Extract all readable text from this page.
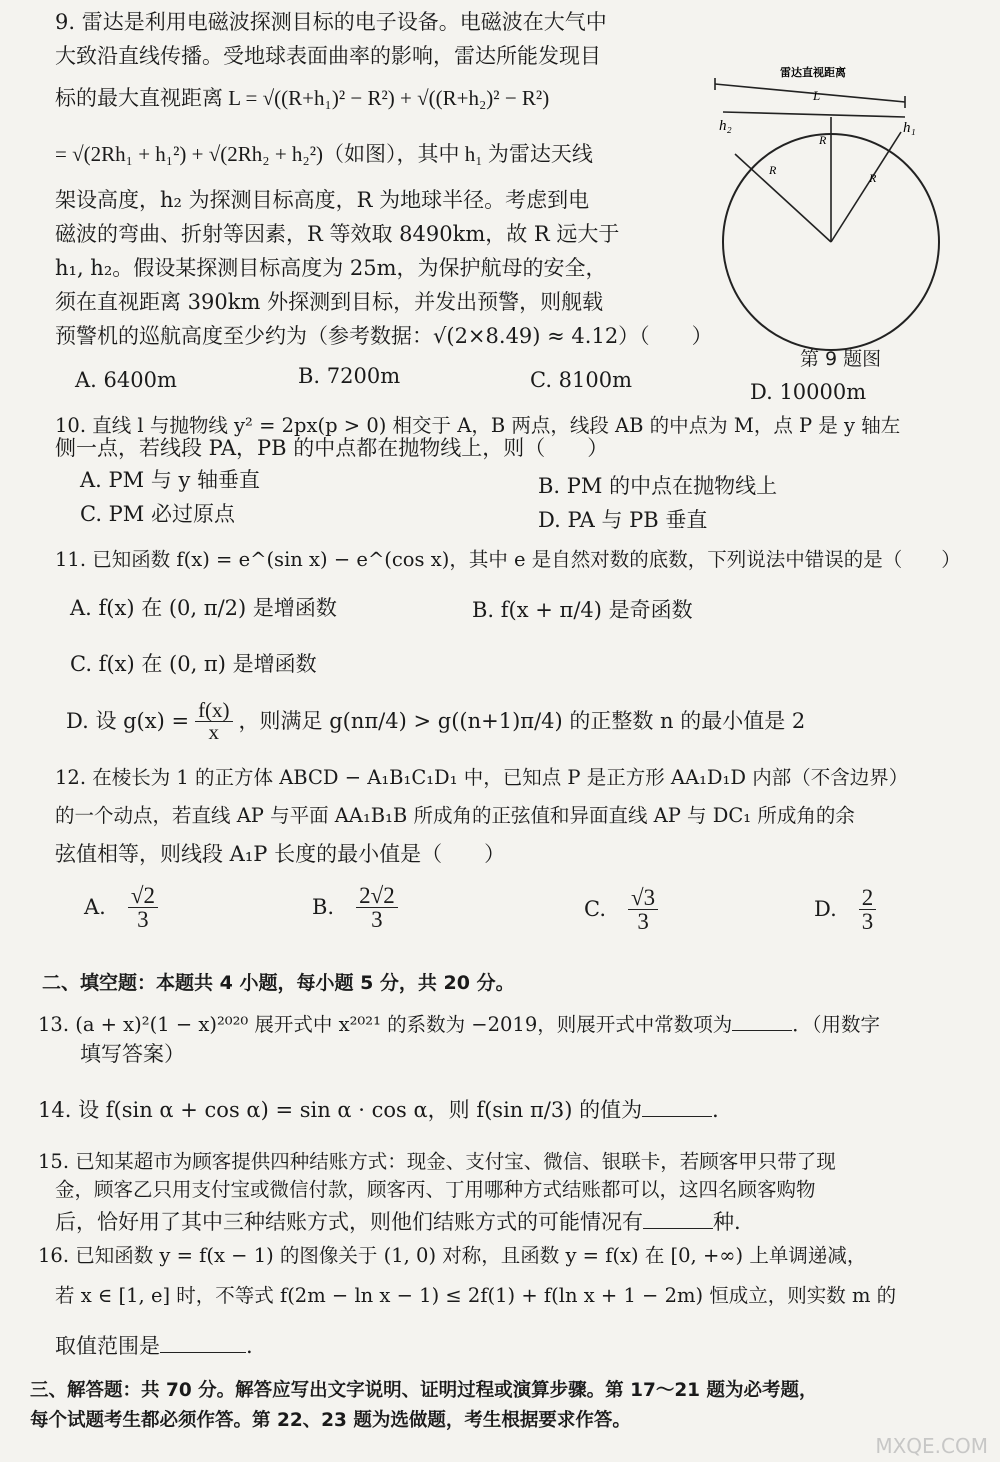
9. 雷达是利用电磁波探测目标的电子设备。电磁波在大气中
大致沿直线传播。受地球表面曲率的影响，雷达所能发现目
标的最大直视距离 L = √((R+h₁)² − R²) + √((R+h₂)² − R²)
= √(2Rh₁ + h₁²) + √(2Rh₂ + h₂²)（如图），其中 h₁ 为雷达天线
架设高度，h₂ 为探测目标高度，R 为地球半径。考虑到电
磁波的弯曲、折射等因素，R 等效取 8490km，故 R 远大于
h₁, h₂。假设某探测目标高度为 25m，为保护航母的安全，
须在直视距离 390km 外探测到目标，并发出预警，则舰载
预警机的巡航高度至少约为（参考数据：√(2×8.49) ≈ 4.12）（　　）
雷达直视距离
L
h₂	h₁
R
R
R
第 9 题图
A. 6400m	B. 7200m	C. 8100m	D. 10000m
10. 直线 l 与抛物线 y² = 2px(p > 0) 相交于 A，B 两点，线段 AB 的中点为 M，点 P 是 y 轴左
侧一点，若线段 PA，PB 的中点都在抛物线上，则（　　）
A. PM 与 y 轴垂直	B. PM 的中点在抛物线上
C. PM 必过原点	D. PA 与 PB 垂直
11. 已知函数 f(x) = e^(sin x) − e^(cos x)，其中 e 是自然对数的底数，下列说法中错误的是（　　）
A. f(x) 在 (0, π/2) 是增函数	B. f(x + π/4) 是奇函数
C. f(x) 在 (0, π) 是增函数
D. 设 $g(x) = \frac{f(x)}{x}$ ，则满足 g(nπ/4) > g((n+1)π/4) 的正整数 n 的最小值是 2
12. 在棱长为 1 的正方体 ABCD − A₁B₁C₁D₁ 中，已知点 P 是正方形 AA₁D₁D 内部（不含边界）
的一个动点，若直线 AP 与平面 AA₁B₁B 所成角的正弦值和异面直线 AP 与 DC₁ 所成角的余
弦值相等，则线段 A₁P 长度的最小值是（　　）
A. $\frac{√2}{3}$	B. $\frac{2√2}{3}$	C. $\frac{√3}{3}$	D. $\frac{2}{3}$
二、填空题：本题共 4 小题，每小题 5 分，共 20 分。
13. (a + x)²(1 − x)²⁰²⁰ 展开式中 x²⁰²¹ 的系数为 −2019，则展开式中常数项为	．（用数字
填写答案）
14. 设 f(sin α + cos α) = sin α · cos α，则 f(sin π/3) 的值为	．
15. 已知某超市为顾客提供四种结账方式：现金、支付宝、微信、银联卡，若顾客甲只带了现
金，顾客乙只用支付宝或微信付款，顾客丙、丁用哪种方式结账都可以，这四名顾客购物
后，恰好用了其中三种结账方式，则他们结账方式的可能情况有	种.
16. 已知函数 y = f(x − 1) 的图像关于 (1, 0) 对称，且函数 y = f(x) 在 [0, +∞) 上单调递减，
若 x ∈ [1, e] 时，不等式 f(2m − ln x − 1) ≤ 2f(1) + f(ln x + 1 − 2m) 恒成立，则实数 m 的
取值范围是	.
三、解答题：共 70 分。解答应写出文字说明、证明过程或演算步骤。第 17～21 题为必考题，
每个试题考生都必须作答。第 22、23 题为选做题，考生根据要求作答。
MXQE.COM
